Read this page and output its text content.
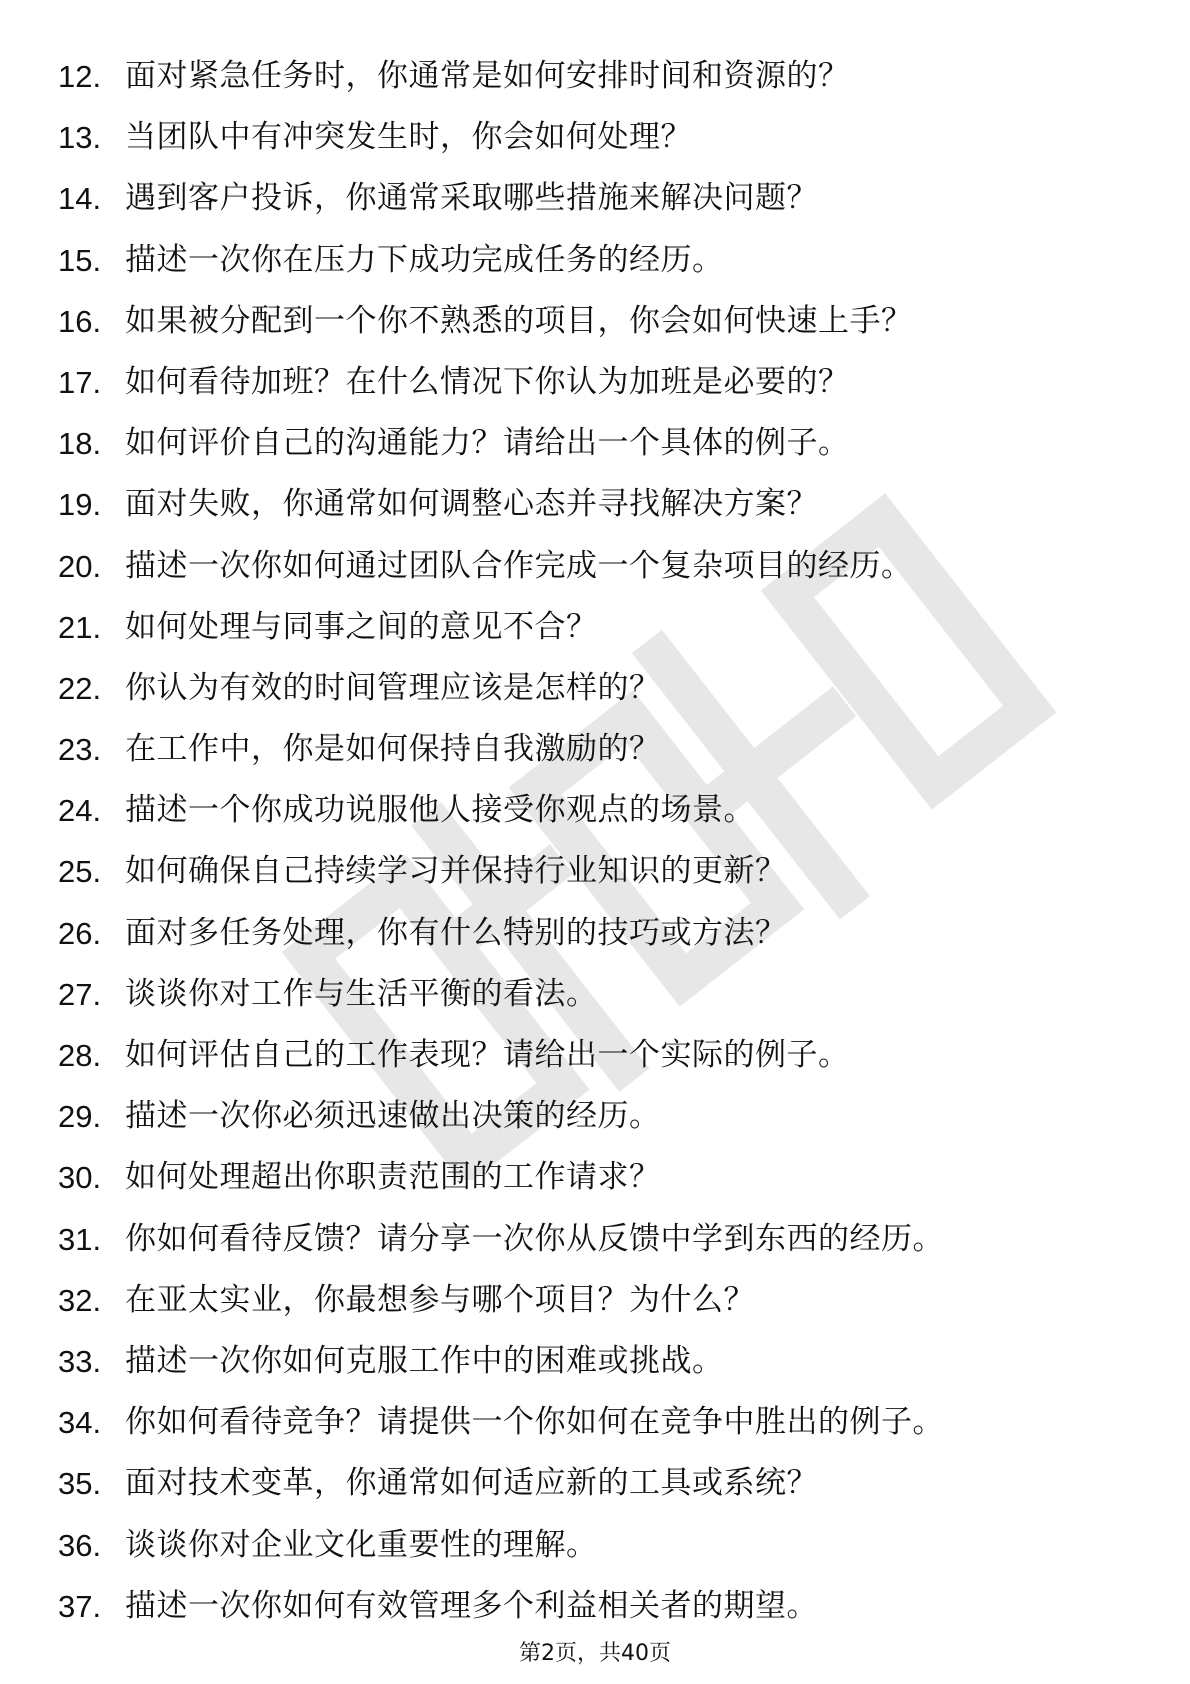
12. 面对紧急任务时，你通常是如何安排时间和资源的？
13. 当团队中有冲突发生时，你会如何处理？
14. 遇到客户投诉，你通常采取哪些措施来解决问题？
15. 描述一次你在压力下成功完成任务的经历。
16. 如果被分配到一个你不熟悉的项目，你会如何快速上手？
17. 如何看待加班？在什么情况下你认为加班是必要的？
18. 如何评价自己的沟通能力？请给出一个具体的例子。
19. 面对失败，你通常如何调整心态并寻找解决方案？
20. 描述一次你如何通过团队合作完成一个复杂项目的经历。
21. 如何处理与同事之间的意见不合？
22. 你认为有效的时间管理应该是怎样的？
23. 在工作中，你是如何保持自我激励的？
24. 描述一个你成功说服他人接受你观点的场景。
25. 如何确保自己持续学习并保持行业知识的更新？
26. 面对多任务处理，你有什么特别的技巧或方法？
27. 谈谈你对工作与生活平衡的看法。
28. 如何评估自己的工作表现？请给出一个实际的例子。
29. 描述一次你必须迅速做出决策的经历。
30. 如何处理超出你职责范围的工作请求？
31. 你如何看待反馈？请分享一次你从反馈中学到东西的经历。
32. 在亚太实业，你最想参与哪个项目？为什么？
33. 描述一次你如何克服工作中的困难或挑战。
34. 你如何看待竞争？请提供一个你如何在竞争中胜出的例子。
35. 面对技术变革，你通常如何适应新的工具或系统？
36. 谈谈你对企业文化重要性的理解。
37. 描述一次你如何有效管理多个利益相关者的期望。
第2页，共40页
